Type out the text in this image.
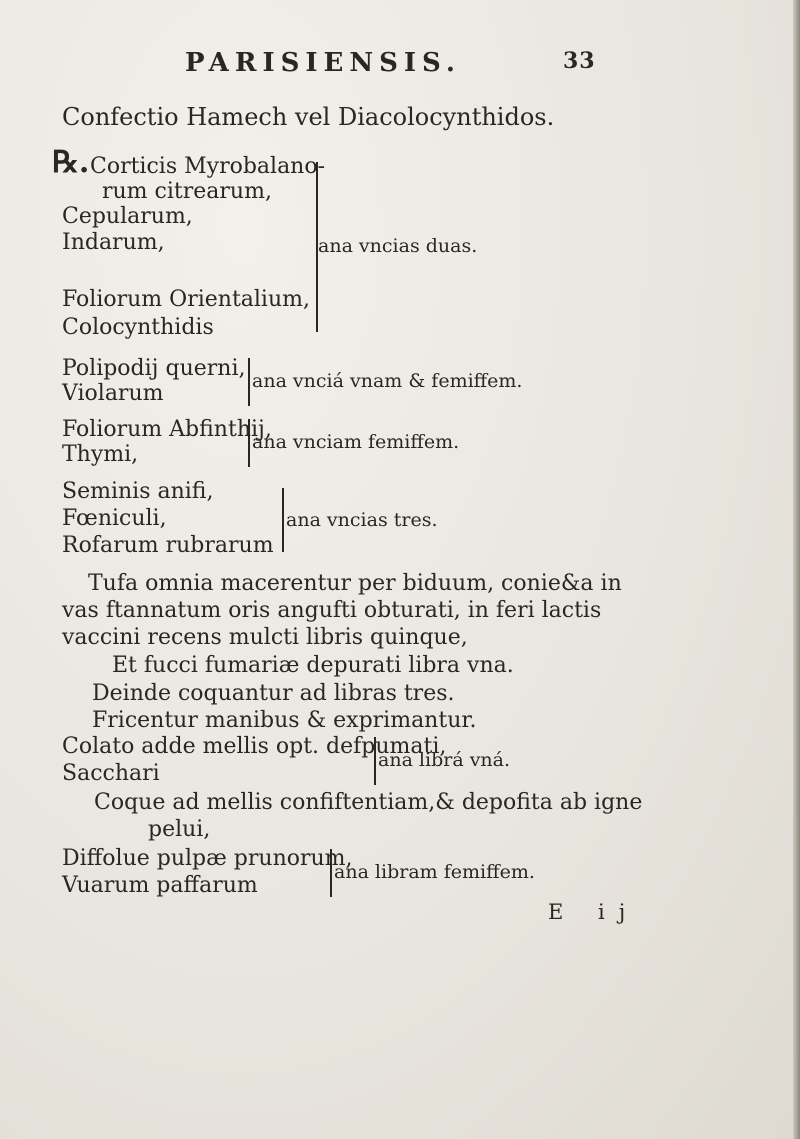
PARISIENSIS.	33
Confectio Hamech vel Diacolocynthidos.
℞. Corticis Myrobalano-
rum citrearum,
Cepularum,
Indarum,
Foliorum Orientalium,
Colocynthidis
ana vncias duas.
Polipodij querni,
Violarum	ana vnciá vnam & femiffem.
Foliorum Abfinthij,
Thymi,	ana vnciam femiffem.
Seminis anifi,
Fœniculi,
Rofarum rubrarum
ana vncias tres.
Tufa omnia macerentur per biduum, conie&a in
vas ftannatum oris angufti obturati, in feri lactis
vaccini recens mulcti libris quinque,
Et fucci fumariæ depurati libra vna.
Deinde coquantur ad libras tres.
Fricentur manibus & exprimantur.
Colato adde mellis opt. defpumati,
Sacchari
ana librá vná.
Coque ad mellis confiftentiam,& depofita ab igne
pelui,
Diffolue pulpæ prunorum,
Vuarum paffarum
ana libram femiffem.
E ij
